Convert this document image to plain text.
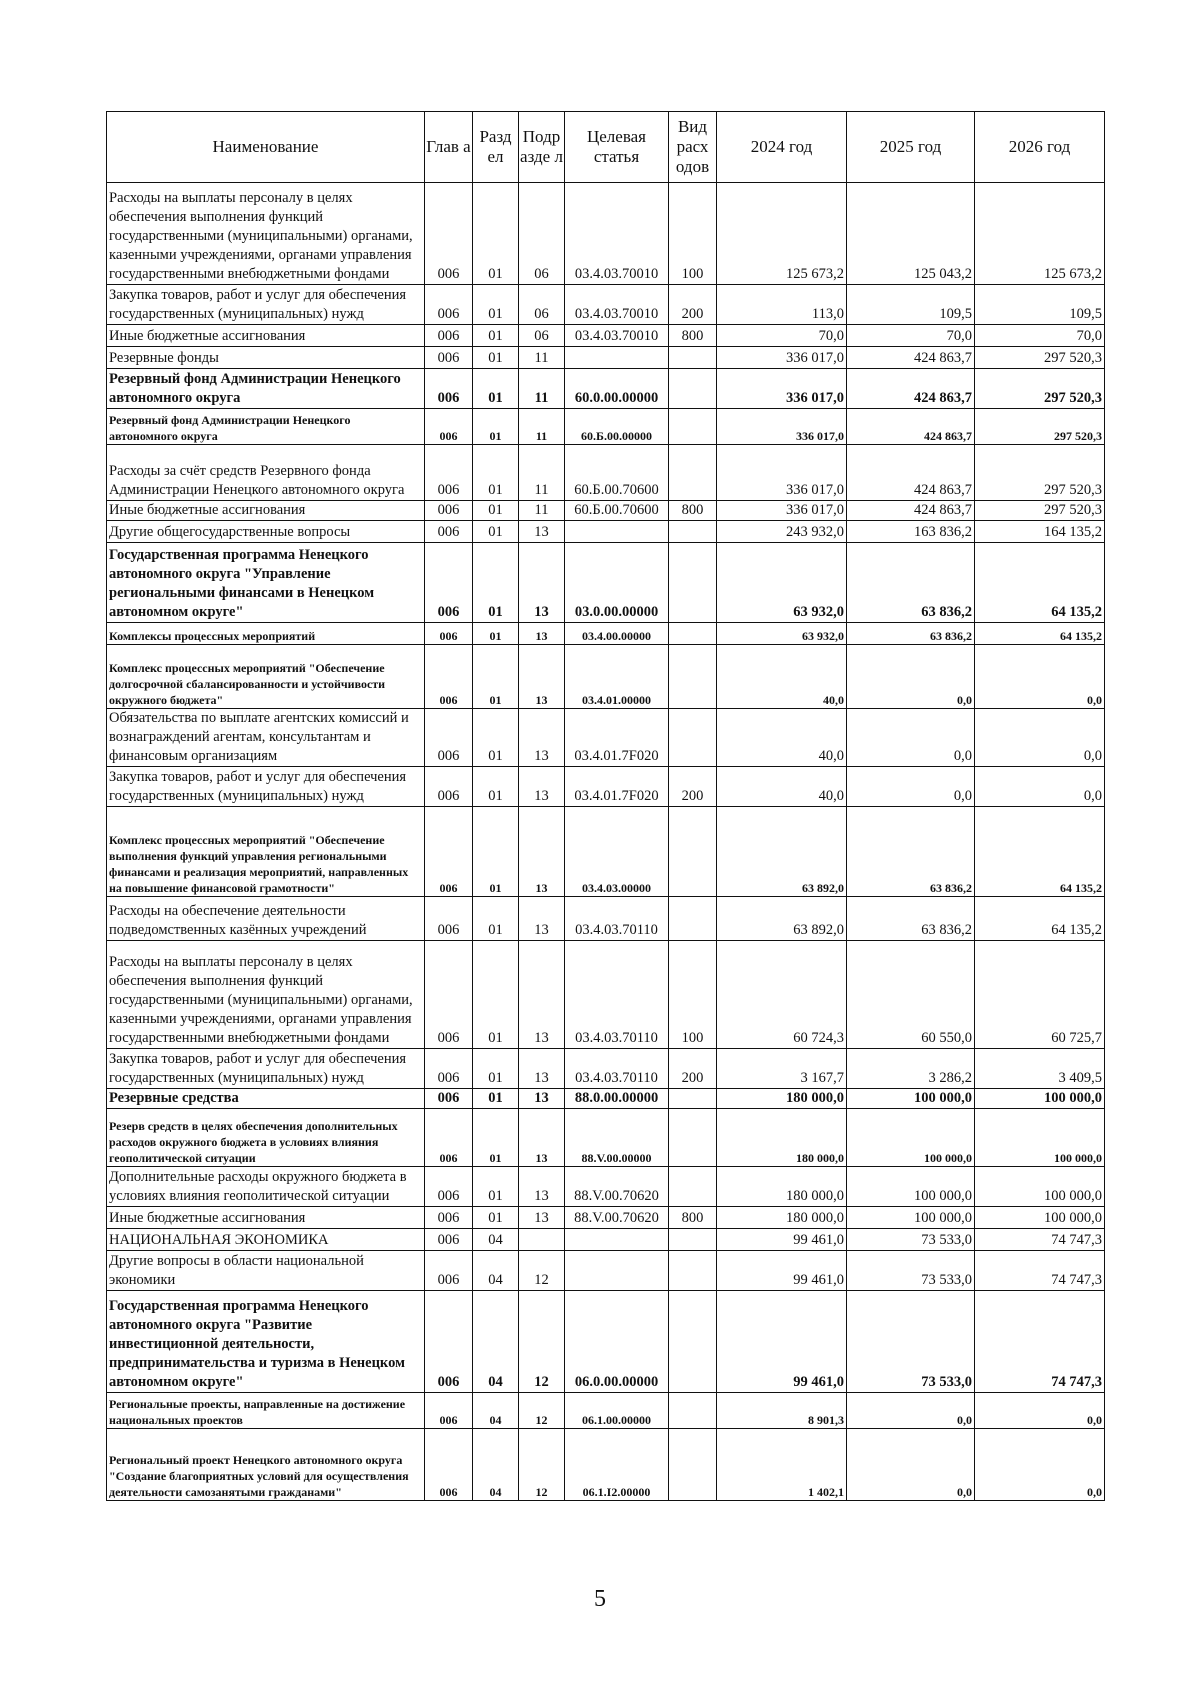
Наименование	Глав а	Разд ел	Подр азде л	Целевая статья	Вид расх одов	2024 год	2025 год	2026 год
Расходы на выплаты персоналу в целях обеспечения выполнения функций государственными (муниципальными) органами, казенными учреждениями, органами управления государственными внебюджетными фондами	006	01	06	03.4.03.70010	100	125 673,2	125 043,2	125 673,2
Закупка товаров, работ и услуг для обеспечения государственных (муниципальных) нужд	006	01	06	03.4.03.70010	200	113,0	109,5	109,5
Иные бюджетные ассигнования	006	01	06	03.4.03.70010	800	70,0	70,0	70,0
Резервные фонды	006	01	11			336 017,0	424 863,7	297 520,3
Резервный фонд Администрации Ненецкого автономного округа	006	01	11	60.0.00.00000		336 017,0	424 863,7	297 520,3
Резервный фонд Администрации Ненецкого автономного округа	006	01	11	60.Б.00.00000		336 017,0	424 863,7	297 520,3
Расходы за счёт средств Резервного фонда Администрации Ненецкого автономного округа	006	01	11	60.Б.00.70600		336 017,0	424 863,7	297 520,3
Иные бюджетные ассигнования	006	01	11	60.Б.00.70600	800	336 017,0	424 863,7	297 520,3
Другие общегосударственные вопросы	006	01	13			243 932,0	163 836,2	164 135,2
Государственная программа Ненецкого автономного округа "Управление региональными финансами в Ненецком автономном округе"	006	01	13	03.0.00.00000		63 932,0	63 836,2	64 135,2
Комплексы процессных мероприятий	006	01	13	03.4.00.00000		63 932,0	63 836,2	64 135,2
Комплекс процессных мероприятий "Обеспечение долгосрочной сбалансированности и устойчивости окружного бюджета"	006	01	13	03.4.01.00000		40,0	0,0	0,0
Обязательства по выплате агентских комиссий и вознаграждений агентам, консультантам и финансовым организациям	006	01	13	03.4.01.7F020		40,0	0,0	0,0
Закупка товаров, работ и услуг для обеспечения государственных (муниципальных) нужд	006	01	13	03.4.01.7F020	200	40,0	0,0	0,0
Комплекс процессных мероприятий "Обеспечение выполнения функций управления региональными финансами и реализация мероприятий, направленных на повышение финансовой грамотности"	006	01	13	03.4.03.00000		63 892,0	63 836,2	64 135,2
Расходы на обеспечение деятельности подведомственных казённых учреждений	006	01	13	03.4.03.70110		63 892,0	63 836,2	64 135,2
Расходы на выплаты персоналу в целях обеспечения выполнения функций государственными (муниципальными) органами, казенными учреждениями, органами управления государственными внебюджетными фондами	006	01	13	03.4.03.70110	100	60 724,3	60 550,0	60 725,7
Закупка товаров, работ и услуг для обеспечения государственных (муниципальных) нужд	006	01	13	03.4.03.70110	200	3 167,7	3 286,2	3 409,5
Резервные средства	006	01	13	88.0.00.00000		180 000,0	100 000,0	100 000,0
Резерв средств в целях обеспечения дополнительных расходов окружного бюджета в условиях влияния геополитической ситуации	006	01	13	88.V.00.00000		180 000,0	100 000,0	100 000,0
Дополнительные расходы окружного бюджета в условиях влияния геополитической ситуации	006	01	13	88.V.00.70620		180 000,0	100 000,0	100 000,0
Иные бюджетные ассигнования	006	01	13	88.V.00.70620	800	180 000,0	100 000,0	100 000,0
НАЦИОНАЛЬНАЯ ЭКОНОМИКА	006	04				99 461,0	73 533,0	74 747,3
Другие вопросы в области национальной экономики	006	04	12			99 461,0	73 533,0	74 747,3
Государственная программа Ненецкого автономного округа "Развитие инвестиционной деятельности, предпринимательства и туризма в Ненецком автономном округе"	006	04	12	06.0.00.00000		99 461,0	73 533,0	74 747,3
Региональные проекты, направленные на достижение национальных проектов	006	04	12	06.1.00.00000		8 901,3	0,0	0,0
Региональный проект Ненецкого автономного округа "Создание благоприятных условий для осуществления деятельности самозанятыми гражданами"	006	04	12	06.1.I2.00000		1 402,1	0,0	0,0
5
